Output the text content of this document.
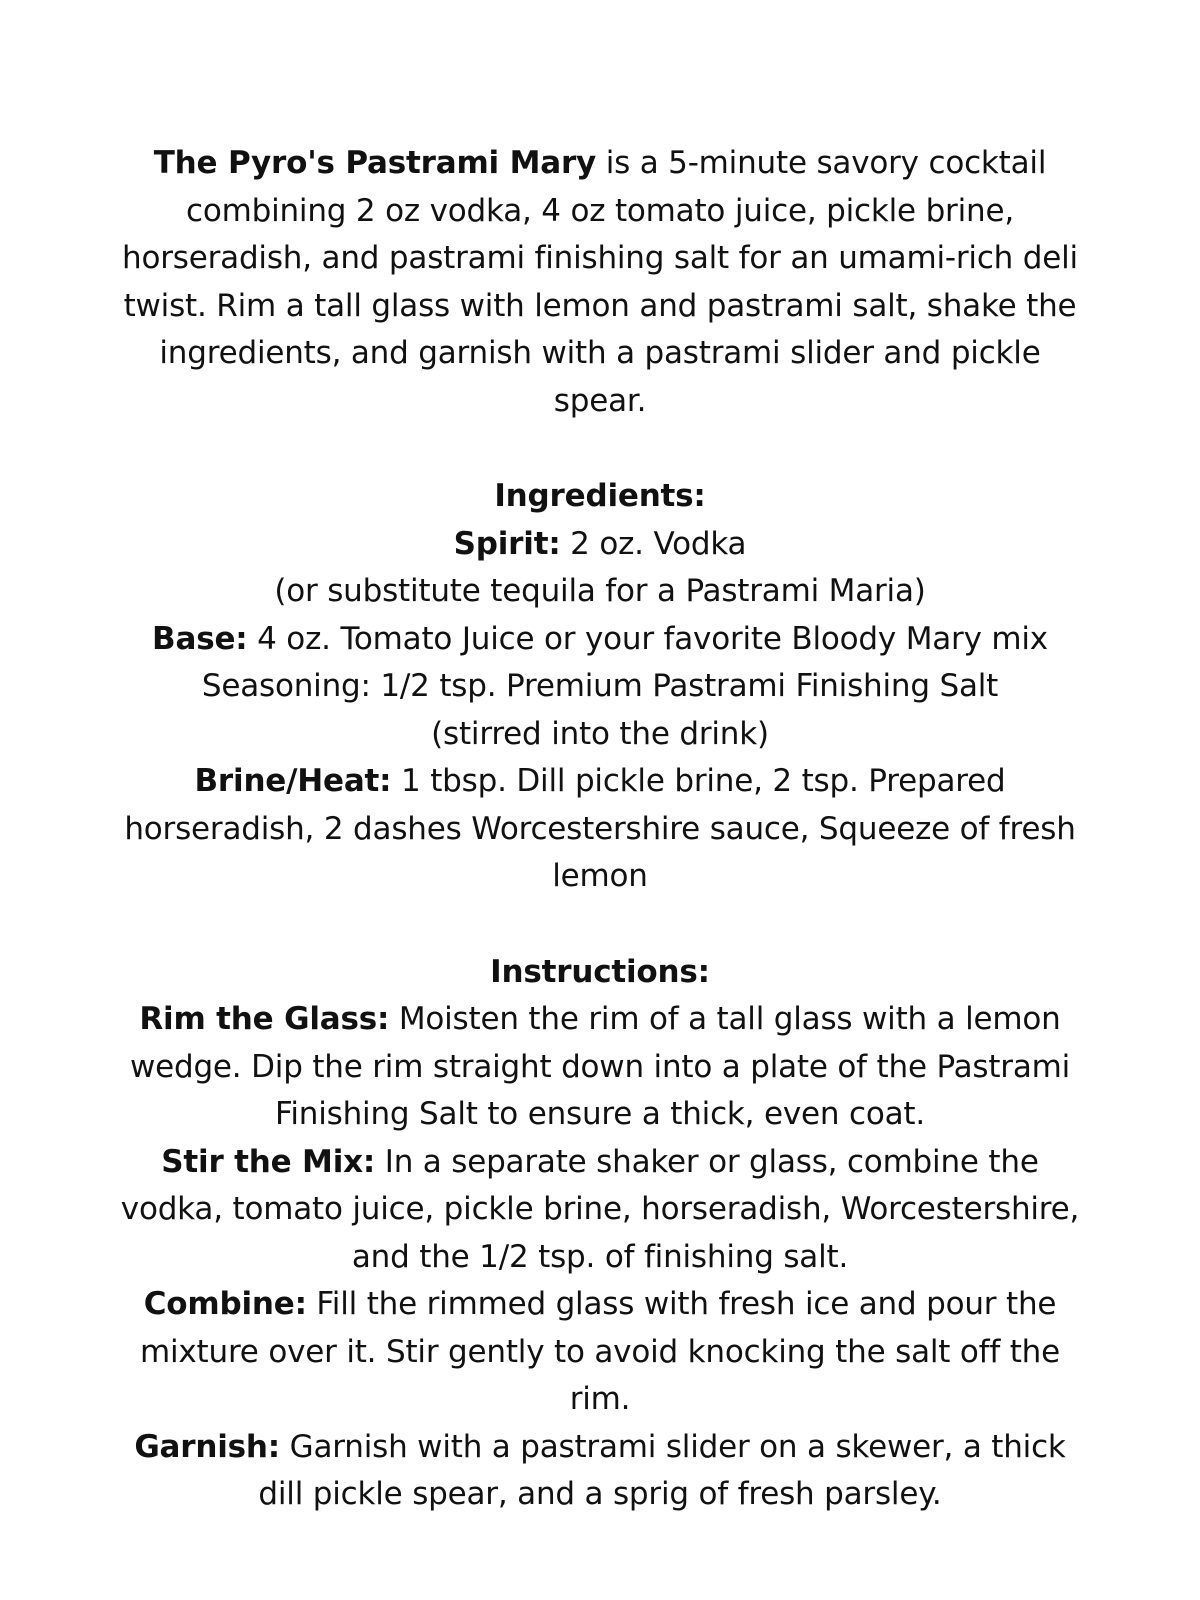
The Pyro's Pastrami Mary is a 5-minute savory cocktail combining 2 oz vodka, 4 oz tomato juice, pickle brine, horseradish, and pastrami finishing salt for an umami-rich deli twist. Rim a tall glass with lemon and pastrami salt, shake the ingredients, and garnish with a pastrami slider and pickle spear.

Ingredients:

Spirit: 2 oz. Vodka

(or substitute tequila for a Pastrami Maria)

Base: 4 oz. Tomato Juice or your favorite Bloody Mary mix

Seasoning: 1/2 tsp. Premium Pastrami Finishing Salt

(stirred into the drink)

Brine/Heat: 1 tbsp. Dill pickle brine, 2 tsp. Prepared horseradish, 2 dashes Worcestershire sauce, Squeeze of fresh lemon

Instructions:

Rim the Glass: Moisten the rim of a tall glass with a lemon wedge. Dip the rim straight down into a plate of the Pastrami Finishing Salt to ensure a thick, even coat.

Stir the Mix: In a separate shaker or glass, combine the vodka, tomato juice, pickle brine, horseradish, Worcestershire, and the 1/2 tsp. of finishing salt.

Combine: Fill the rimmed glass with fresh ice and pour the mixture over it. Stir gently to avoid knocking the salt off the rim.

Garnish: Garnish with a pastrami slider on a skewer, a thick dill pickle spear, and a sprig of fresh parsley.
